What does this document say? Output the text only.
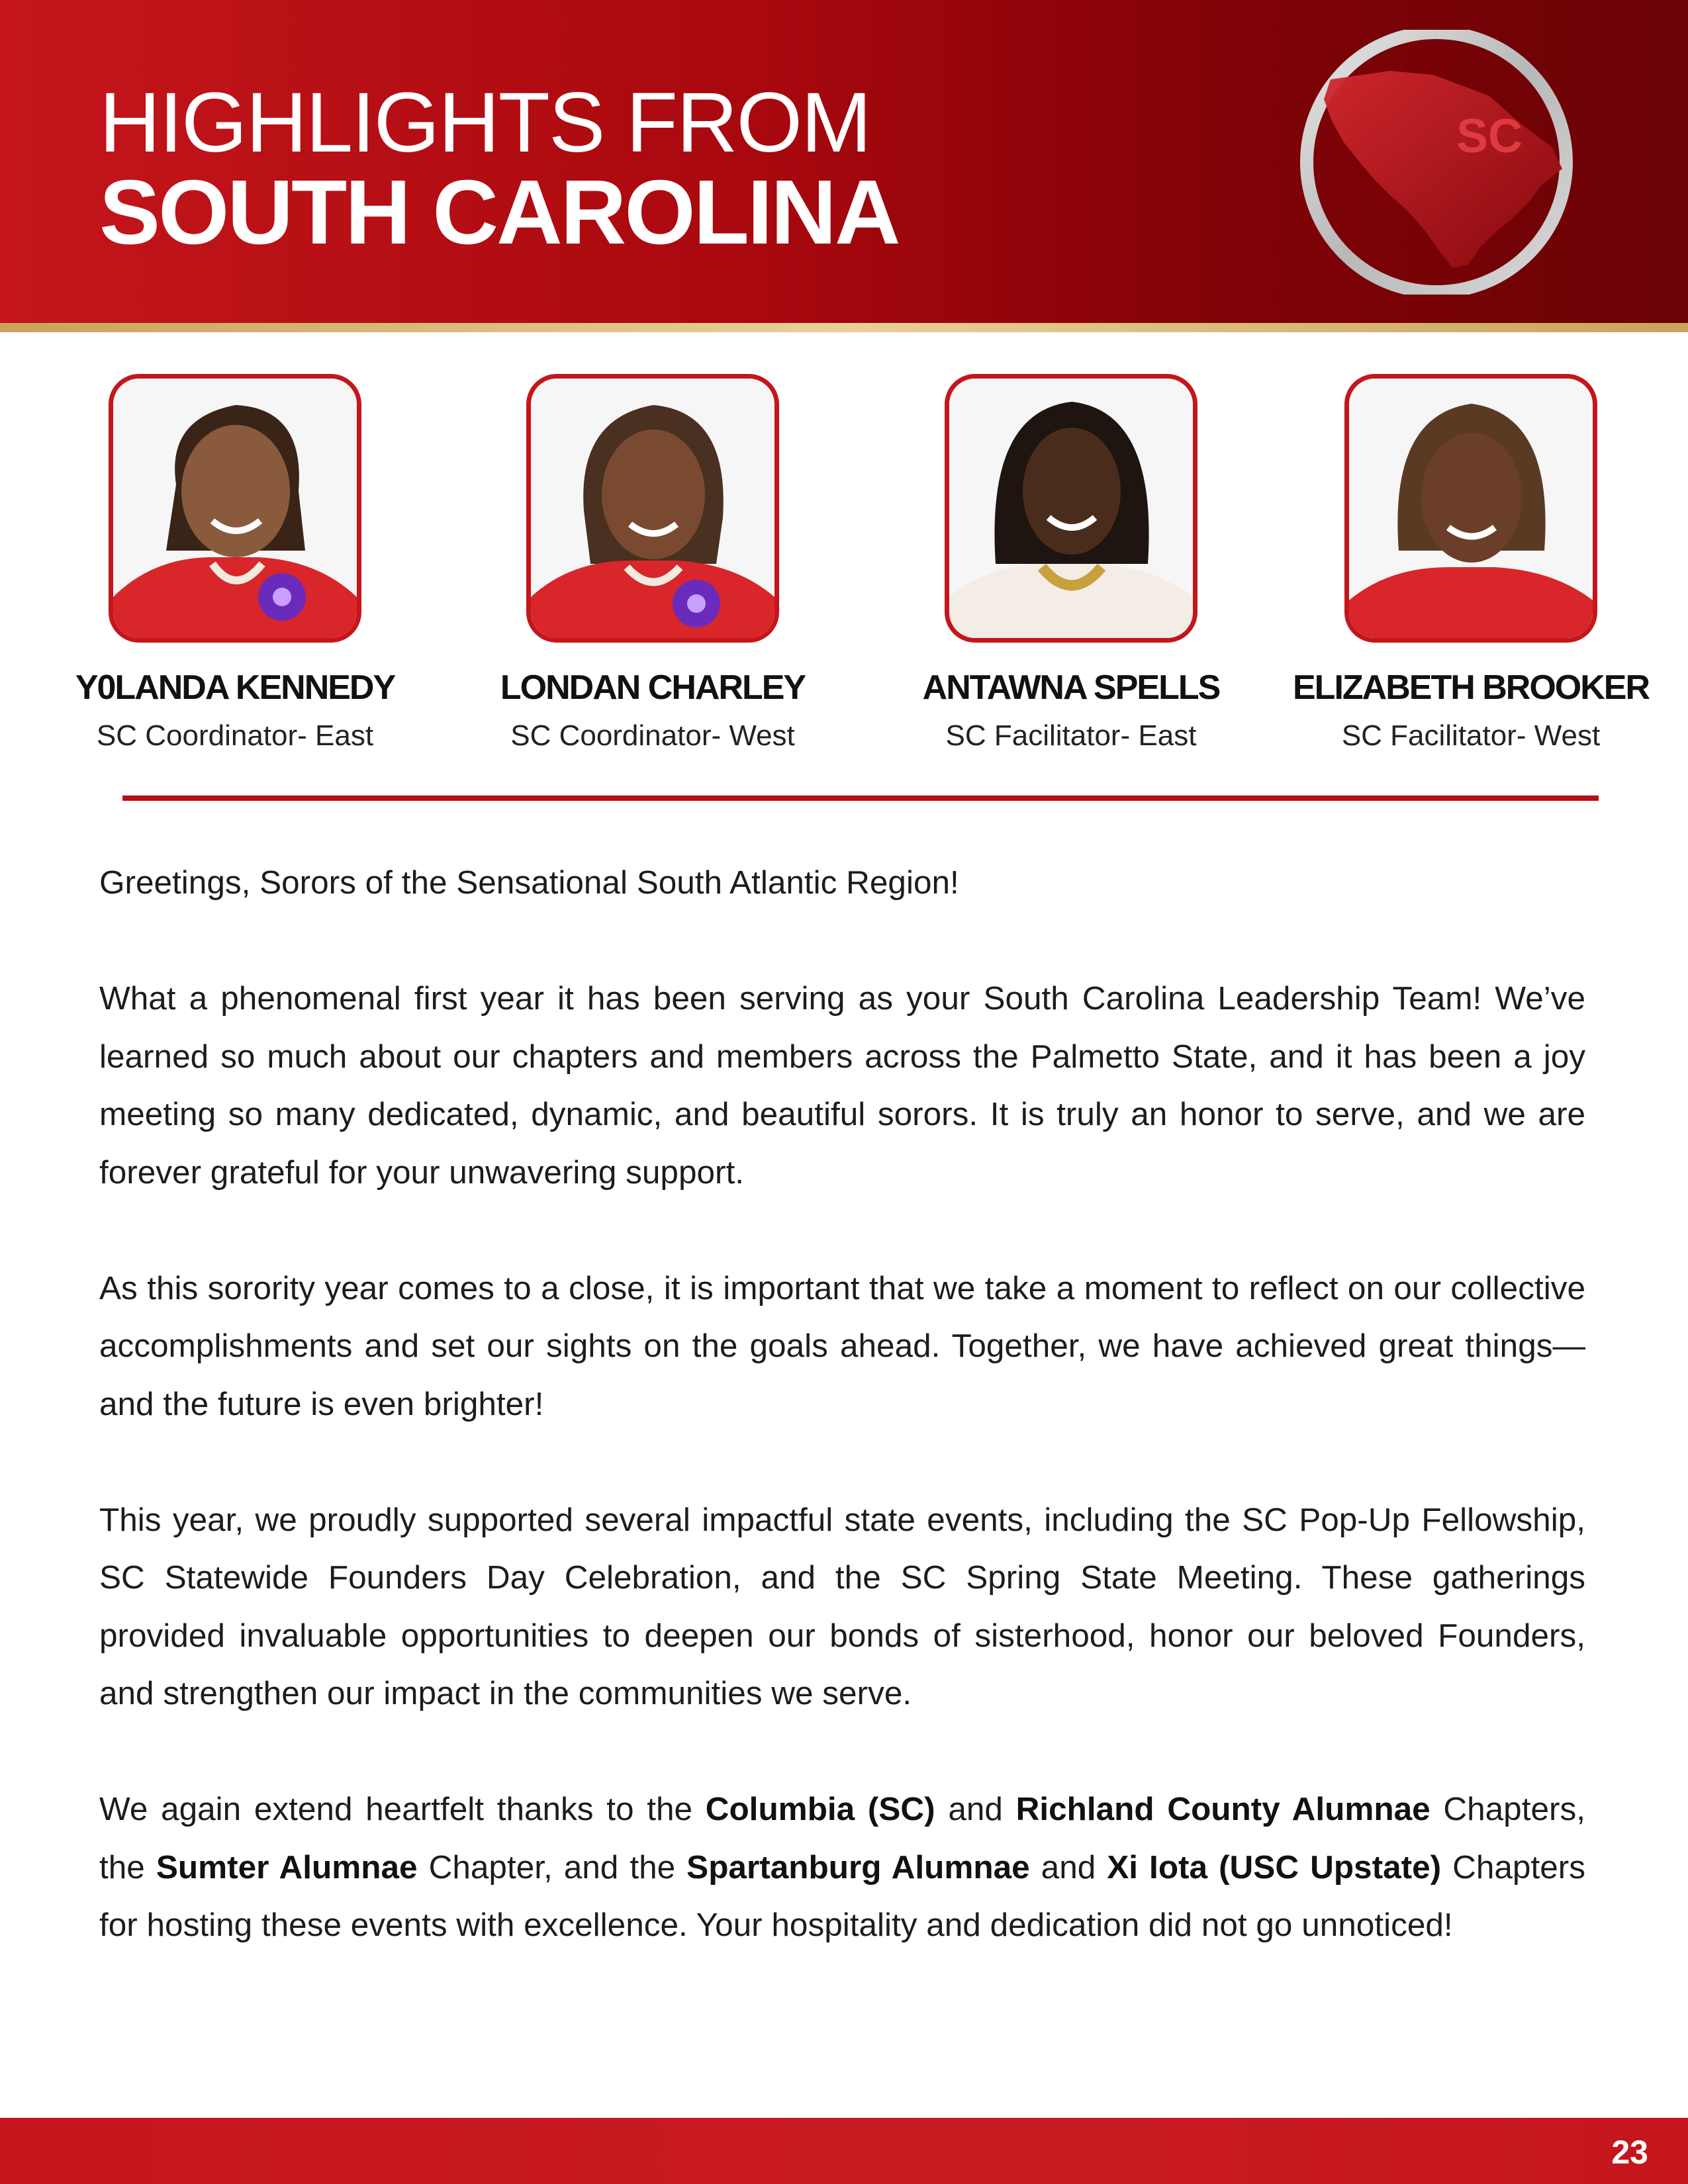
HIGHLIGHTS FROM
SOUTH CAROLINA
SC
Y0LANDA KENNEDY
SC Coordinator- East
LONDAN CHARLEY
SC Coordinator- West
ANTAWNA SPELLS
SC Facilitator- East
ELIZABETH BROOKER
SC Facilitator- West

Greetings, Sorors of the Sensational South Atlantic Region!

What a phenomenal first year it has been serving as your South Carolina Leadership Team! We’ve learned so much about our chapters and members across the Palmetto State, and it has been a joy meeting so many dedicated, dynamic, and beautiful sorors. It is truly an honor to serve, and we are forever grateful for your unwavering support.

As this sorority year comes to a close, it is important that we take a moment to reflect on our collective accomplishments and set our sights on the goals ahead. Together, we have achieved great things—and the future is even brighter!

This year, we proudly supported several impactful state events, including the SC Pop-Up Fellowship, SC Statewide Founders Day Celebration, and the SC Spring State Meeting. These gatherings provided invaluable opportunities to deepen our bonds of sisterhood, honor our beloved Founders, and strengthen our impact in the communities we serve.

We again extend heartfelt thanks to the Columbia (SC) and Richland County Alumnae Chapters, the Sumter Alumnae Chapter, and the Spartanburg Alumnae and Xi Iota (USC Upstate) Chapters for hosting these events with excellence. Your hospitality and dedication did not go unnoticed!

23
